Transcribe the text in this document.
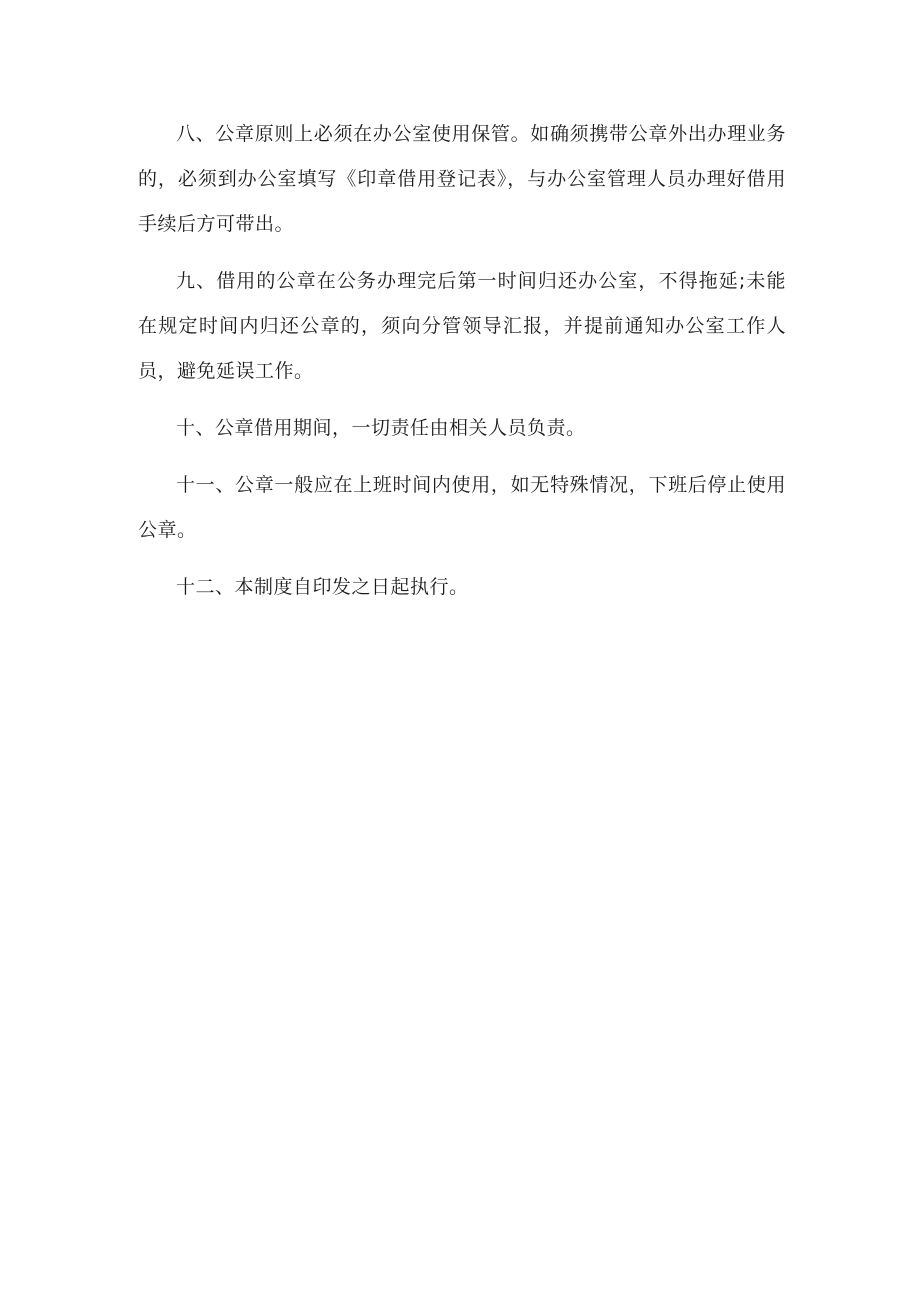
八、公章原则上必须在办公室使用保管。如确须携带公章外出办理业务的，必须到办公室填写《印章借用登记表》，与办公室管理人员办理好借用手续后方可带出。

九、借用的公章在公务办理完后第一时间归还办公室，不得拖延;未能在规定时间内归还公章的，须向分管领导汇报，并提前通知办公室工作人员，避免延误工作。

十、公章借用期间，一切责任由相关人员负责。

十一、公章一般应在上班时间内使用，如无特殊情况，下班后停止使用公章。

十二、本制度自印发之日起执行。
